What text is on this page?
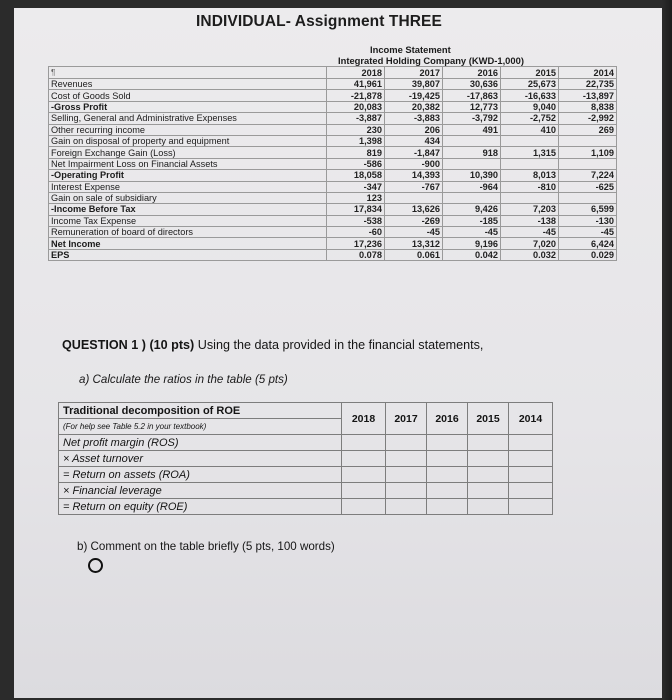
INDIVIDUAL- Assignment THREE
Income Statement
Integrated Holding Company (KWD-1,000)
¶	2018	2017	2016	2015	2014
Revenues	41,961	39,807	30,636	25,673	22,735
Cost of Goods Sold	-21,878	-19,425	-17,863	-16,633	-13,897
-Gross Profit	20,083	20,382	12,773	9,040	8,838
Selling, General and Administrative Expenses	-3,887	-3,883	-3,792	-2,752	-2,992
Other recurring income	230	206	491	410	269
Gain on disposal of property and equipment	1,398	434			
Foreign Exchange Gain (Loss)	819	-1,847	918	1,315	1,109
Net Impairment Loss on Financial Assets	-586	-900			
-Operating Profit	18,058	14,393	10,390	8,013	7,224
Interest Expense	-347	-767	-964	-810	-625
Gain on sale of subsidiary	123				
-Income Before Tax	17,834	13,626	9,426	7,203	6,599
Income Tax Expense	-538	-269	-185	-138	-130
Remuneration of board of directors	-60	-45	-45	-45	-45
Net Income	17,236	13,312	9,196	7,020	6,424
EPS	0.078	0.061	0.042	0.032	0.029
QUESTION 1 ) (10 pts) Using the data provided in the financial statements,
a) Calculate the ratios in the table (5 pts)
Traditional decomposition of ROE	2018	2017	2016	2015	2014
(For help see Table 5.2 in your textbook)					
Net profit margin (ROS)					
× Asset turnover					
= Return on assets (ROA)					
× Financial leverage					
= Return on equity (ROE)					
b) Comment on the table briefly (5 pts, 100 words)
